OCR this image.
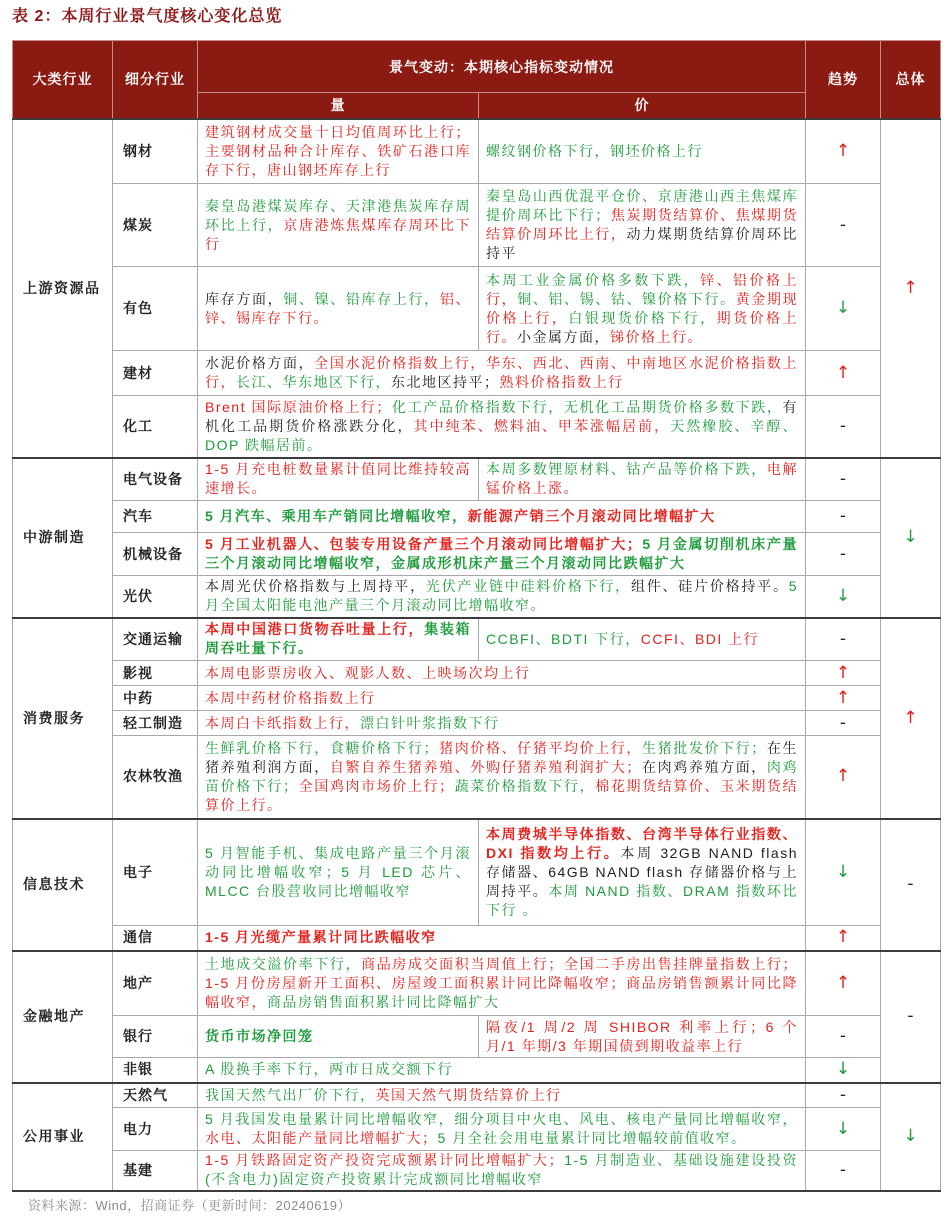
表 2：本周行业景气度核心变化总览
大类行业	细分行业	景气变动：本期核心指标变动情况		趋势	总体
		量	价		
上游资源品	钢材	建筑钢材成交量十日均值周环比上行；主要钢材品种合计库存、铁矿石港口库存下行，唐山钢坯库存上行	螺纹钢价格下行，钢坯价格上行	↑	↑
	煤炭	秦皇岛港煤炭库存、天津港焦炭库存周环比上行，京唐港炼焦煤库存周环比下行	秦皇岛山西优混平仓价、京唐港山西主焦煤库提价周环比下行；焦炭期货结算价、焦煤期货结算价周环比上行，动力煤期货结算价周环比持平	-	
	有色	库存方面，铜、镍、铅库存上行，铝、锌、锡库存下行。	本周工业金属价格多数下跌，锌、铅价格上行，铜、铝、锡、钴、镍价格下行。黄金期现价格上行，白银现货价格下行，期货价格上行。小金属方面，锑价格上行。	↓	
	建材	水泥价格方面，全国水泥价格指数上行，华东、西北、西南、中南地区水泥价格指数上行，长江、华东地区下行，东北地区持平；熟料价格指数上行		↑	
	化工	Brent 国际原油价格上行；化工产品价格指数下行，无机化工品期货价格多数下跌，有机化工品期货价格涨跌分化，其中纯苯、燃料油、甲苯涨幅居前，天然橡胶、辛醇、DOP 跌幅居前。		-	
中游制造	电气设备	1-5 月充电桩数量累计值同比维持较高速增长。	本周多数锂原材料、钴产品等价格下跌，电解锰价格上涨。	-	↓
	汽车	5 月汽车、乘用车产销同比增幅收窄，新能源产销三个月滚动同比增幅扩大		-	
	机械设备	5 月工业机器人、包装专用设备产量三个月滚动同比增幅扩大；5 月金属切削机床产量三个月滚动同比增幅收窄，金属成形机床产量三个月滚动同比跌幅扩大		-	
	光伏	本周光伏价格指数与上周持平，光伏产业链中硅料价格下行，组件、硅片价格持平。5 月全国太阳能电池产量三个月滚动同比增幅收窄。		↓	
消费服务	交通运输	本周中国港口货物吞吐量上行，集装箱周吞吐量下行。	CCBFI、BDTI 下行，CCFI、BDI 上行	-	↑
	影视	本周电影票房收入、观影人数、上映场次均上行		↑	
	中药	本周中药材价格指数上行		↑	
	轻工制造	本周白卡纸指数上行，漂白针叶浆指数下行		-	
	农林牧渔	生鲜乳价格下行，食糖价格下行；猪肉价格、仔猪平均价上行，生猪批发价下行；在生猪养殖利润方面，自繁自养生猪养殖、外购仔猪养殖利润扩大；在肉鸡养殖方面，肉鸡苗价格下行；全国鸡肉市场价上行；蔬菜价格指数下行，棉花期货结算价、玉米期货结算价上行。		↑	
信息技术	电子	5 月智能手机、集成电路产量三个月滚动同比增幅收窄；5 月 LED 芯片、MLCC 台股营收同比增幅收窄	本周费城半导体指数、台湾半导体行业指数、DXI 指数均上行。本周 32GB NAND flash 存储器、64GB NAND flash 存储器价格与上周持平。本周 NAND 指数、DRAM 指数环比下行 。	↓	-
	通信	1-5 月光缆产量累计同比跌幅收窄		↑	
金融地产	地产	土地成交溢价率下行，商品房成交面积当周值上行；全国二手房出售挂牌量指数上行；1-5 月份房屋新开工面积、房屋竣工面积累计同比降幅收窄；商品房销售额累计同比降幅收窄，商品房销售面积累计同比降幅扩大		↑	-
	银行	货币市场净回笼	隔夜/1 周/2 周 SHIBOR 利率上行；6 个月/1 年期/3 年期国债到期收益率上行	-	
	非银	A 股换手率下行，两市日成交额下行		↓	
公用事业	天然气	我国天然气出厂价下行，英国天然气期货结算价上行		-	↓
	电力	5 月我国发电量累计同比增幅收窄，细分项目中火电、风电、核电产量同比增幅收窄，水电、太阳能产量同比增幅扩大；5 月全社会用电量累计同比增幅较前值收窄。		↓	
	基建	1-5 月铁路固定资产投资完成额累计同比增幅扩大；1-5 月制造业、基础设施建设投资(不含电力)固定资产投资累计完成额同比增幅收窄		-	
资料来源：Wind，招商证券（更新时间：20240619）
